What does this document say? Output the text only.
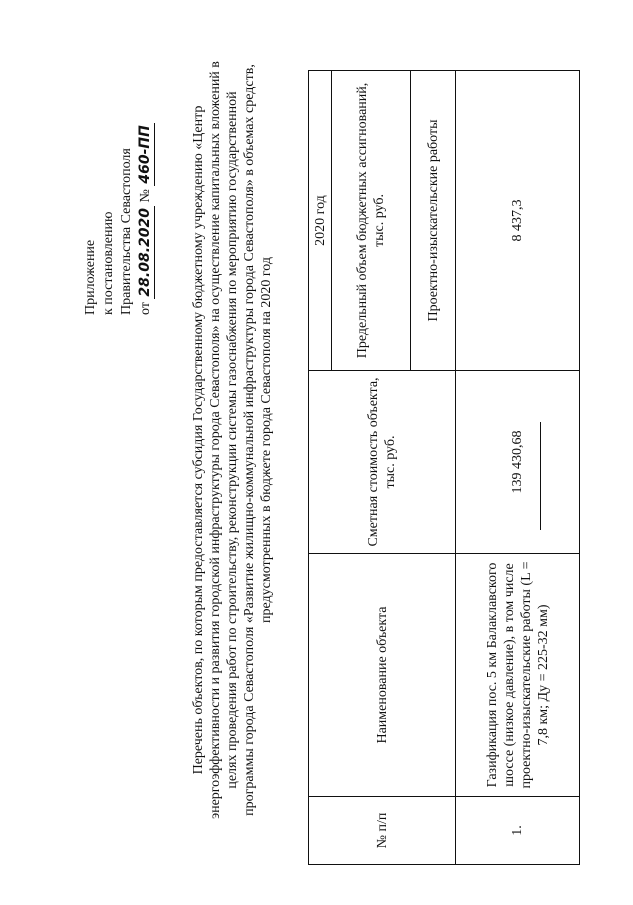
Приложение к постановлению Правительства Севастополя от 28.08.2020 № 460-ПП	Перечень объектов, по которым предоставляется субсидия Государственному бюджетному учреждению «Центр энергоэффективности и развития городской инфраструктуры города Севастополя» на осуществление капитальных вложений в целях проведения работ по строительству, реконструкции системы газоснабжения по мероприятию государственной программы города Севастополя «Развитие жилищно-коммунальной инфраструктуры города Севастополя» в объемах средств, предусмотренных в бюджете города Севастополя на 2020 год
№ п/п	Наименование объекта	Сметная стоимость объекта, тыс. руб.	2020 год
			Предельный объем бюджетных ассигнований, тыс. руб.
			Проектно-изыскательские работы
1.	Газификация пос. 5 км Балаклавского шоссе (низкое давление), в том числе проектно-изыскательские работы (L = 7,8 км; Ду = 225-32 мм)	139 430,68	8 437,3
